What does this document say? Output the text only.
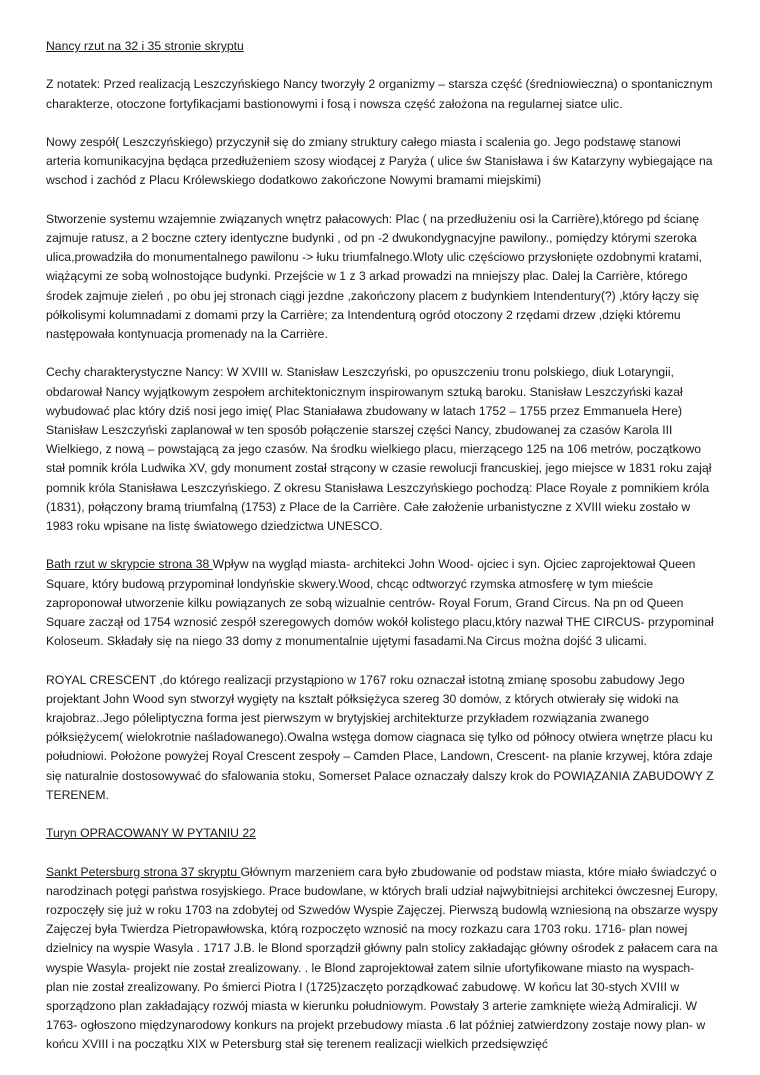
Nancy rzut na 32 i 35 stronie skryptu

Z notatek: Przed realizacją Leszczyńskiego Nancy tworzyły 2 organizmy – starsza część (średniowieczna) o spontanicznym charakterze, otoczone fortyfikacjami bastionowymi i fosą i nowsza część założona na regularnej siatce ulic.

Nowy zespół( Leszczyńskiego) przyczynił się do zmiany struktury całego miasta i scalenia go. Jego podstawę stanowi arteria komunikacyjna będąca przedłużeniem szosy wiodącej z Paryża ( ulice św Stanisława i św Katarzyny wybiegające na wschod i zachód z Placu Królewskiego dodatkowo zakończone Nowymi bramami miejskimi)

Stworzenie systemu wzajemnie związanych wnętrz pałacowych: Plac ( na przedłużeniu osi la Carrière),którego pd ścianę zajmuje ratusz, a 2 boczne cztery identyczne budynki , od pn -2 dwukondygnacyjne pawilony., pomiędzy którymi szeroka ulica,prowadziła do monumentalnego pawilonu -> łuku triumfalnego.Wloty ulic częściowo przysłonięte ozdobnymi kratami, wiążącymi ze sobą wolnostojące budynki. Przejście w 1 z 3 arkad prowadzi na mniejszy plac. Dalej la Carrière, którego środek zajmuje zieleń , po obu jej stronach ciągi jezdne ,zakończony placem z budynkiem Intendentury(?) ,który łączy się półkolisymi kolumnadami z domami przy la Carrière; za Intendenturą ogród otoczony 2 rzędami drzew ,dzięki któremu następowała kontynuacja promenady na la Carrière.

Cechy charakterystyczne Nancy: W XVIII w. Stanisław Leszczyński, po opuszczeniu tronu polskiego, diuk Lotaryngii, obdarował Nancy wyjątkowym zespołem architektonicznym inspirowanym sztuką baroku. Stanisław Leszczyński kazał wybudować plac który dziś nosi jego imię( Plac Staniaława zbudowany w latach 1752 – 1755 przez Emmanuela Here) Stanisław Leszczyński zaplanował w ten sposób połączenie starszej części Nancy, zbudowanej za czasów Karola III Wielkiego, z nową – powstającą za jego czasów. Na środku wielkiego placu, mierzącego 125 na 106 metrów, początkowo stał pomnik króla Ludwika XV, gdy monument został strącony w czasie rewolucji francuskiej, jego miejsce w 1831 roku zajął pomnik króla Stanisława Leszczyńskiego. Z okresu Stanisława Leszczyńskiego pochodzą: Place Royale z pomnikiem króla (1831), połączony bramą triumfalną (1753) z Place de la Carrière. Całe założenie urbanistyczne z XVIII wieku zostało w 1983 roku wpisane na listę światowego dziedzictwa UNESCO.

Bath rzut w skrypcie strona 38 Wpływ na wygląd miasta- architekci John Wood- ojciec i syn. Ojciec zaprojektował Queen Square, który budową przypominał londyńskie skwery.Wood, chcąc odtworzyć rzymska atmosferę w tym mieście zaproponował utworzenie kilku powiązanych ze sobą wizualnie centrów- Royal Forum, Grand Circus. Na pn od Queen Square zaczął od 1754 wznosić zespół szeregowych domów wokół kolistego placu,który nazwał THE CIRCUS- przypominał Koloseum. Składały się na niego 33 domy z monumentalnie ujętymi fasadami.Na Circus można dojść 3 ulicami.

ROYAL CRESCENT ,do którego realizacji przystąpiono w 1767 roku oznaczał istotną zmianę sposobu zabudowy Jego projektant John Wood syn stworzył wygięty na kształt półksiężyca szereg 30 domów, z których otwierały się widoki na krajobraz..Jego póleliptyczna forma jest pierwszym w brytyjskiej architekturze przykładem rozwiązania zwanego półksiężycem( wielokrotnie naśladowanego).Owalna wstęga domow ciagnaca się tylko od północy otwiera wnętrze placu ku południowi. Położone powyżej Royal Crescent zespoły – Camden Place, Landown, Crescent- na planie krzywej, która zdaje się naturalnie dostosowywać do sfalowania stoku, Somerset Palace oznaczały dalszy krok do POWIĄZANIA ZABUDOWY Z TERENEM.

Turyn OPRACOWANY W PYTANIU 22

Sankt Petersburg strona 37 skryptu Głównym marzeniem cara było zbudowanie od podstaw miasta, które miało świadczyć o narodzinach potęgi państwa rosyjskiego. Prace budowlane, w których brali udział najwybitniejsi architekci ówczesnej Europy, rozpoczęły się już w roku 1703 na zdobytej od Szwedów Wyspie Zajęczej. Pierwszą budowlą wzniesioną na obszarze wyspy Zajęczej była Twierdza Pietropawłowska, którą rozpoczęto wznosić na mocy rozkazu cara 1703 roku. 1716- plan nowej dzielnicy na wyspie Wasyla . 1717 J.B. le Blond sporządził główny paln stolicy zakładając główny ośrodek z pałacem cara na wyspie Wasyla- projekt nie został zrealizowany. . le Blond zaprojektował zatem silnie ufortyfikowane miasto na wyspach- plan nie został zrealizowany. Po śmierci Piotra I (1725)zaczęto porządkować zabudowę. W końcu lat 30-stych XVIII w sporządzono plan zakładający rozwój miasta w kierunku południowym. Powstały 3 arterie zamknięte wieżą Admiralicji. W 1763- ogłoszono międzynarodowy konkurs na projekt przebudowy miasta .6 lat później zatwierdzony zostaje nowy plan- w końcu XVIII i na początku XIX w Petersburg stał się terenem realizacji wielkich przedsięwzięć
